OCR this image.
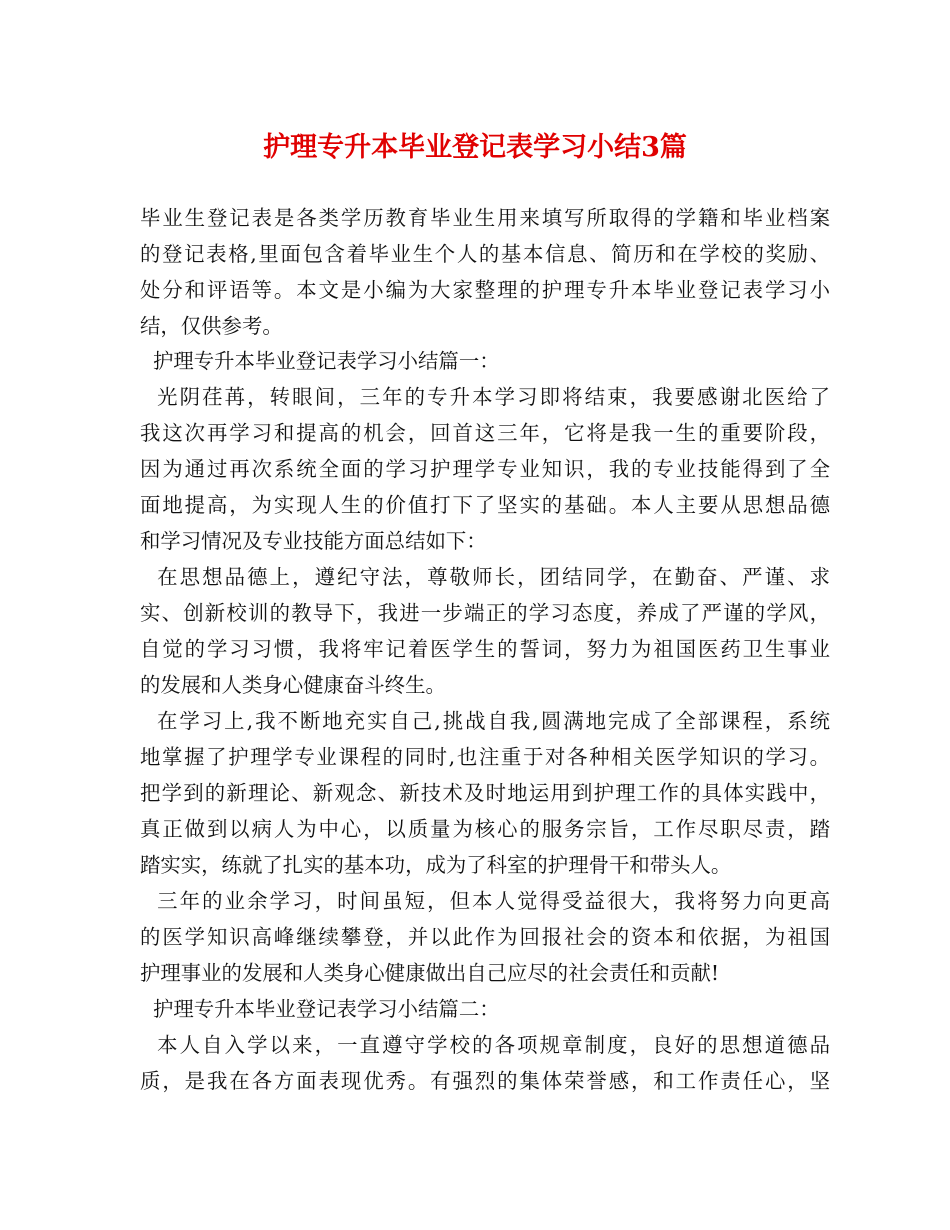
护理专升本毕业登记表学习小结3篇
毕业生登记表是各类学历教育毕业生用来填写所取得的学籍和毕业档案
的登记表格,里面包含着毕业生个人的基本信息、简历和在学校的奖励、
处分和评语等。本文是小编为大家整理的护理专升本毕业登记表学习小
结，仅供参考。
护理专升本毕业登记表学习小结篇一：
光阴荏苒，转眼间，三年的专升本学习即将结束，我要感谢北医给了
我这次再学习和提高的机会，回首这三年，它将是我一生的重要阶段，
因为通过再次系统全面的学习护理学专业知识，我的专业技能得到了全
面地提高，为实现人生的价值打下了坚实的基础。本人主要从思想品德
和学习情况及专业技能方面总结如下：
在思想品德上，遵纪守法，尊敬师长，团结同学，在勤奋、严谨、求
实、创新校训的教导下，我进一步端正的学习态度，养成了严谨的学风，
自觉的学习习惯，我将牢记着医学生的誓词，努力为祖国医药卫生事业
的发展和人类身心健康奋斗终生。
在学习上,我不断地充实自己,挑战自我,圆满地完成了全部课程，系统
地掌握了护理学专业课程的同时,也注重于对各种相关医学知识的学习。
把学到的新理论、新观念、新技术及时地运用到护理工作的具体实践中，
真正做到以病人为中心，以质量为核心的服务宗旨，工作尽职尽责，踏
踏实实，练就了扎实的基本功，成为了科室的护理骨干和带头人。
三年的业余学习，时间虽短，但本人觉得受益很大，我将努力向更高
的医学知识高峰继续攀登，并以此作为回报社会的资本和依据，为祖国
护理事业的发展和人类身心健康做出自己应尽的社会责任和贡献!
护理专升本毕业登记表学习小结篇二：
本人自入学以来，一直遵守学校的各项规章制度，良好的思想道德品
质，是我在各方面表现优秀。有强烈的集体荣誉感，和工作责任心，坚
